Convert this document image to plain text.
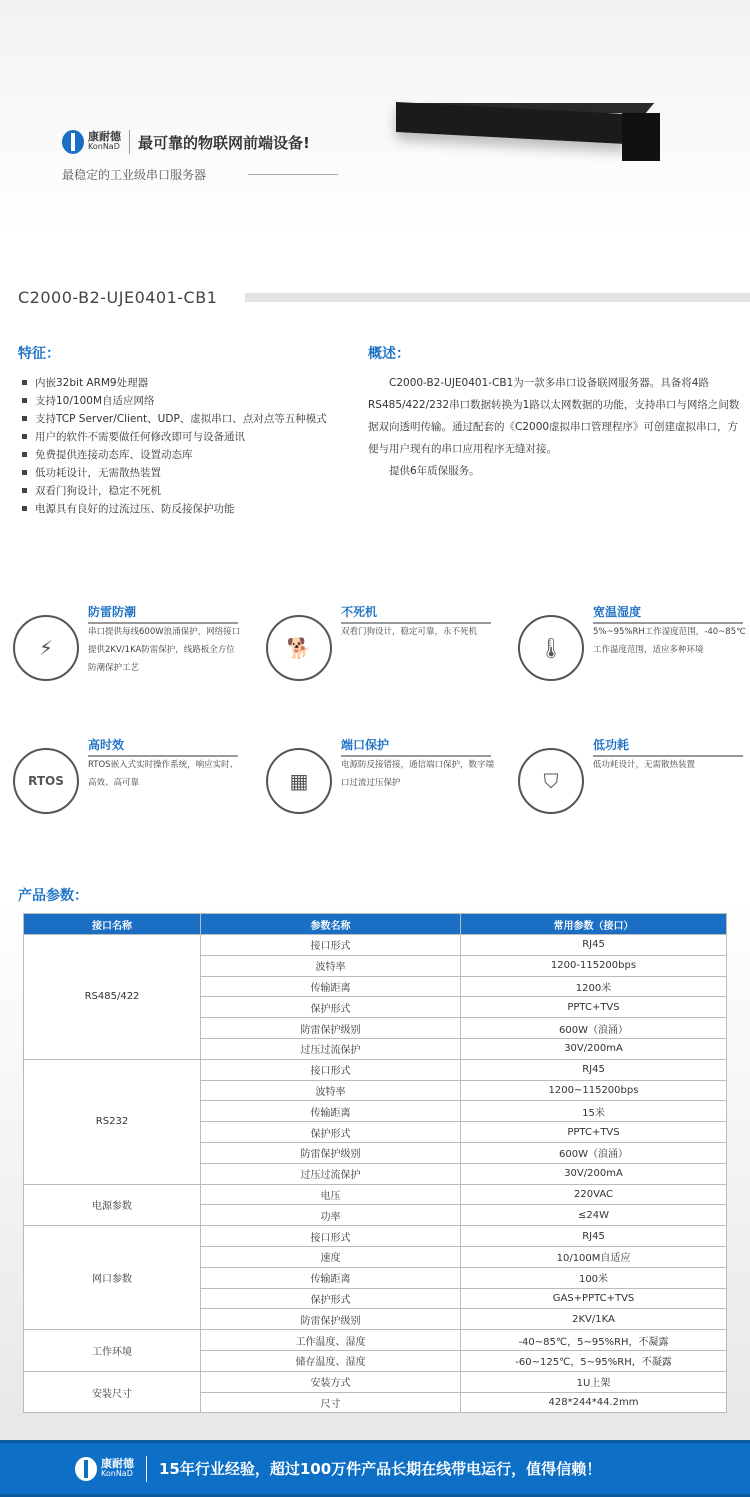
康耐德
KonNaD 最可靠的物联网前端设备!
最稳定的工业级串口服务器
C2000-B2-UJE0401-CB1
特征：
内嵌32bit ARM9处理器
支持10/100M自适应网络
支持TCP Server/Client、UDP、虚拟串口、点对点等五种模式
用户的软件不需要做任何修改即可与设备通讯
免费提供连接动态库、设置动态库
低功耗设计，无需散热装置
双看门狗设计，稳定不死机
电源具有良好的过流过压、防反接保护功能
概述：

C2000-B2-UJE0401-CB1为一款多串口设备联网服务器。具备将4路RS485/422/232串口数据转换为1路以太网数据的功能，支持串口与网络之间数据双向透明传输。通过配套的《C2000虚拟串口管理程序》可创建虚拟串口，方便与用户现有的串口应用程序无缝对接。

提供6年质保服务。

⚡
防雷防潮
串口提供每线600W浪涌保护，网络接口提供2KV/1KA防雷保护，线路板全方位防潮保护工艺
🐕
不死机
双看门狗设计，稳定可靠，永不死机
🌡
宽温湿度
5%~95%RH工作湿度范围，-40~85℃工作温度范围，适应多种环境
RTOS
高时效
RTOS嵌入式实时操作系统，响应实时、高效、高可靠	▦
端口保护
电源防反接错接，通信端口保护，数字端口过流过压保护	⛉
低功耗
低功耗设计，无需散热装置
产品参数：
接口名称	参数名称	常用参数（接口）
RS485/422	接口形式	RJ45
	波特率	1200-115200bps
	传输距离	1200米
	保护形式	PPTC+TVS
	防雷保护级别	600W（浪涌）
	过压过流保护	30V/200mA
RS232	接口形式	RJ45
	波特率	1200~115200bps
	传输距离	15米
	保护形式	PPTC+TVS
	防雷保护级别	600W（浪涌）
	过压过流保护	30V/200mA
电源参数	电压	220VAC
	功率	≤24W
网口参数	接口形式	RJ45
	速度	10/100M自适应
	传输距离	100米
	保护形式	GAS+PPTC+TVS
	防雷保护级别	2KV/1KA
工作环境	工作温度、湿度	-40~85℃，5~95%RH，不凝露
	储存温度、湿度	-60~125℃，5~95%RH，不凝露
安装尺寸	安装方式	1U上架
	尺寸	428*244*44.2mm
康耐德
KonNaD 15年行业经验，超过100万件产品长期在线带电运行，值得信赖！
